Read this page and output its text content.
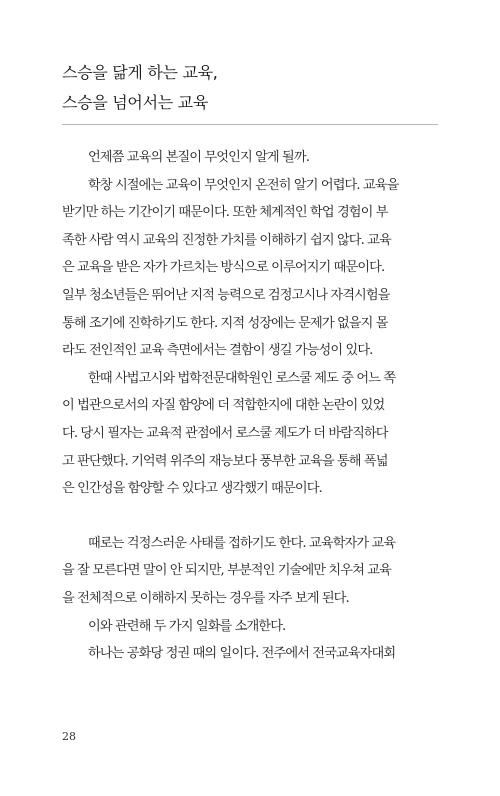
스승을 닮게 하는 교육,
스승을 넘어서는 교육
언제쯤 교육의 본질이 무엇인지 알게 될까.
학창 시절에는 교육이 무엇인지 온전히 알기 어렵다. 교육을
받기만 하는 기간이기 때문이다. 또한 체계적인 학업 경험이 부
족한 사람 역시 교육의 진정한 가치를 이해하기 쉽지 않다. 교육
은 교육을 받은 자가 가르치는 방식으로 이루어지기 때문이다.
일부 청소년들은 뛰어난 지적 능력으로 검정고시나 자격시험을
통해 조기에 진학하기도 한다. 지적 성장에는 문제가 없을지 몰
라도 전인적인 교육 측면에서는 결함이 생길 가능성이 있다.
한때 사법고시와 법학전문대학원인 로스쿨 제도 중 어느 쪽
이 법관으로서의 자질 함양에 더 적합한지에 대한 논란이 있었
다. 당시 필자는 교육적 관점에서 로스쿨 제도가 더 바람직하다
고 판단했다. 기억력 위주의 재능보다 풍부한 교육을 통해 폭넓
은 인간성을 함양할 수 있다고 생각했기 때문이다.
때로는 걱정스러운 사태를 접하기도 한다. 교육학자가 교육
을 잘 모른다면 말이 안 되지만, 부분적인 기술에만 치우쳐 교육
을 전체적으로 이해하지 못하는 경우를 자주 보게 된다.
이와 관련해 두 가지 일화를 소개한다.
하나는 공화당 정권 때의 일이다. 전주에서 전국교육자대회
28
